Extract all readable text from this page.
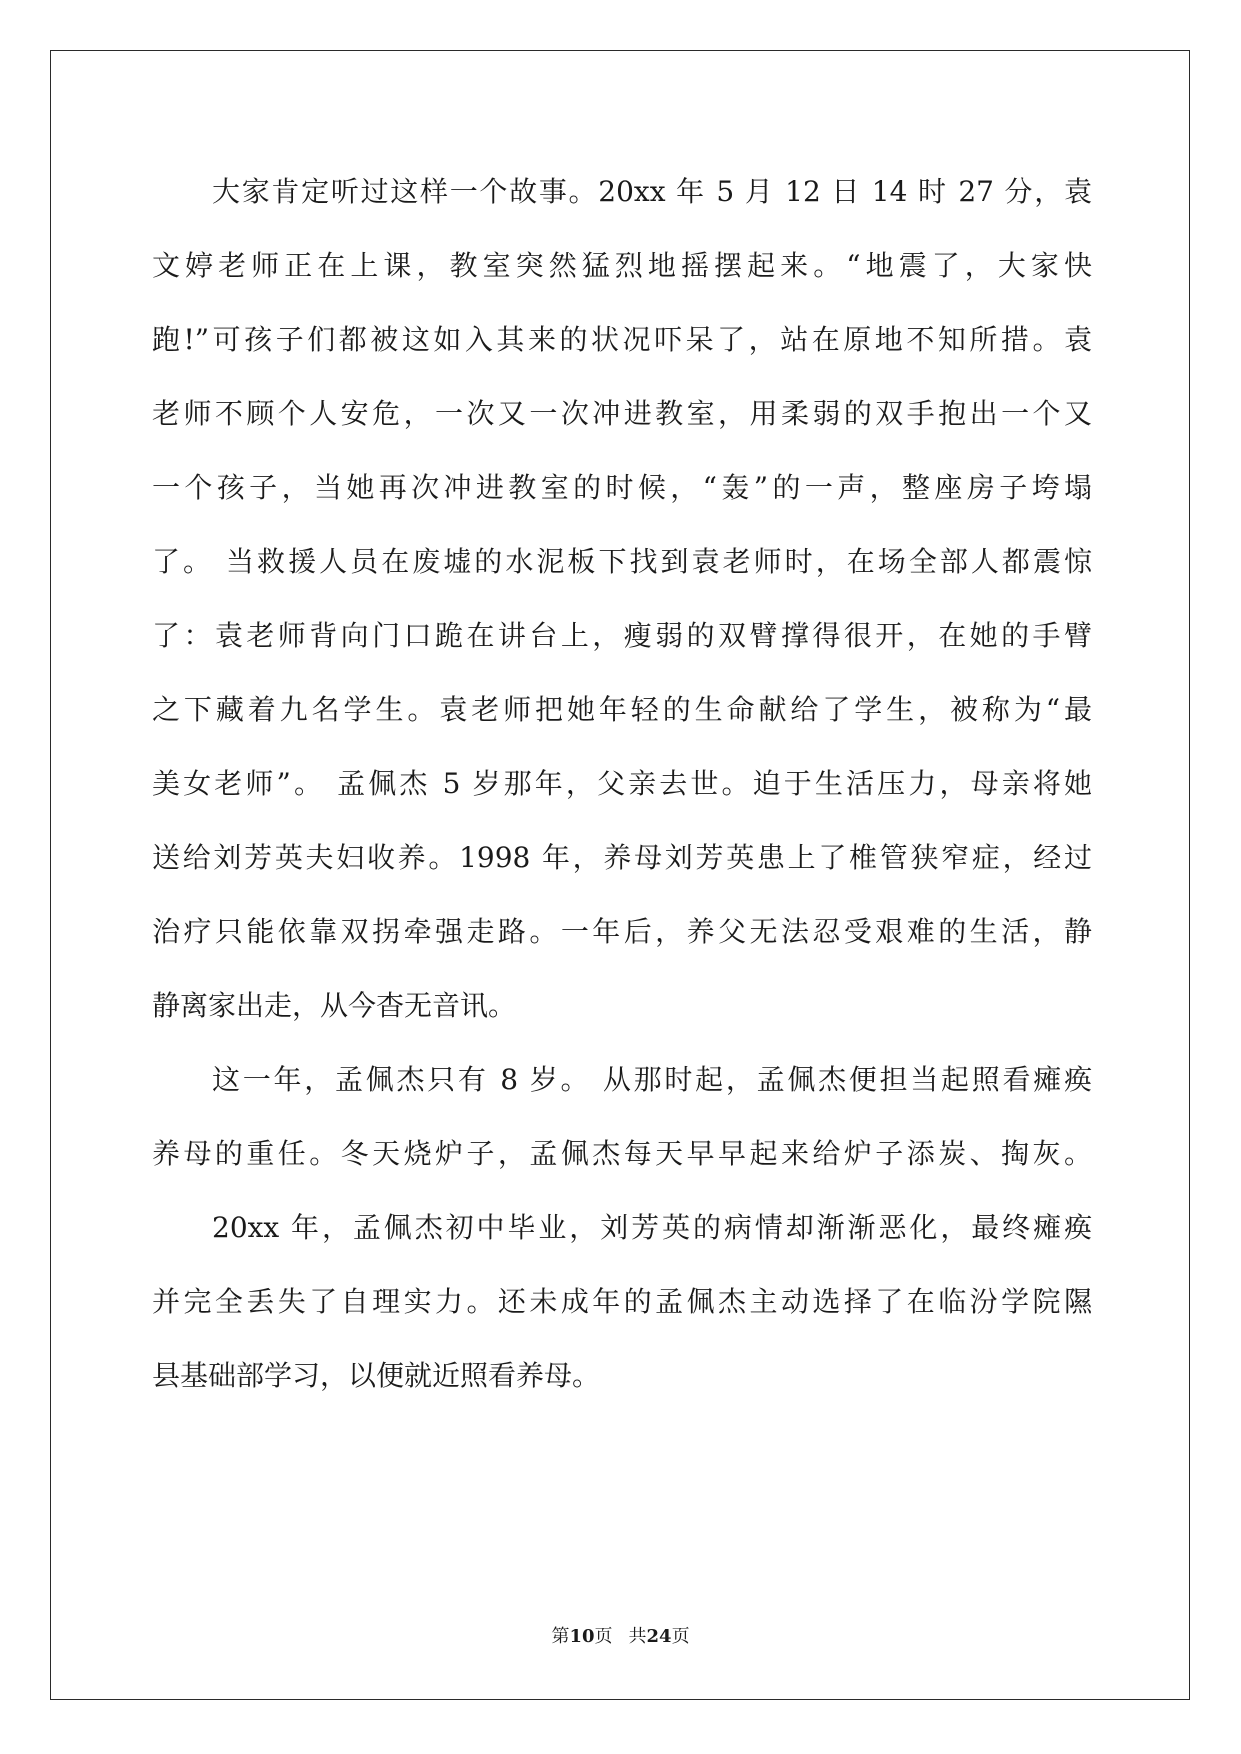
大家肯定听过这样一个故事。20xx 年 5 月 12 日 14 时 27 分，袁
文婷老师正在上课，教室突然猛烈地摇摆起来。“地震了，大家快
跑!”可孩子们都被这如入其来的状况吓呆了，站在原地不知所措。袁
老师不顾个人安危，一次又一次冲进教室，用柔弱的双手抱出一个又
一个孩子，当她再次冲进教室的时候，“轰”的一声，整座房子垮塌
了。 当救援人员在废墟的水泥板下找到袁老师时，在场全部人都震惊
了：袁老师背向门口跪在讲台上，瘦弱的双臂撑得很开，在她的手臂
之下藏着九名学生。袁老师把她年轻的生命献给了学生，被称为“最
美女老师”。 孟佩杰 5 岁那年，父亲去世。迫于生活压力，母亲将她
送给刘芳英夫妇收养。1998 年，养母刘芳英患上了椎管狭窄症，经过
治疗只能依靠双拐牵强走路。一年后，养父无法忍受艰难的生活，静
静离家出走，从今杳无音讯。
这一年，孟佩杰只有 8 岁。 从那时起，孟佩杰便担当起照看瘫痪
养母的重任。冬天烧炉子，孟佩杰每天早早起来给炉子添炭、掏灰。
20xx 年，孟佩杰初中毕业，刘芳英的病情却渐渐恶化，最终瘫痪
并完全丢失了自理实力。还未成年的孟佩杰主动选择了在临汾学院隰
县基础部学习，以便就近照看养母。
第10页 共24页
